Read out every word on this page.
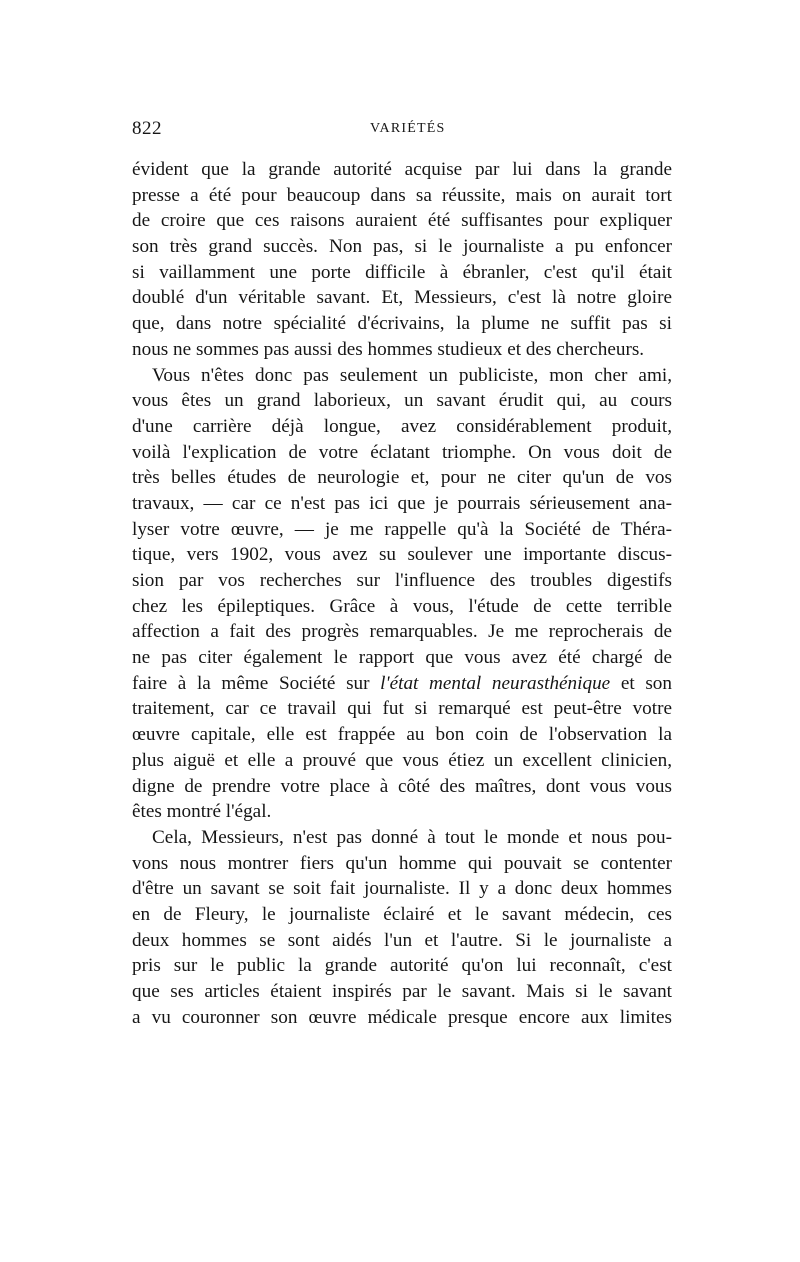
822	VARIÉTÉS
évident que la grande autorité acquise par lui dans la grande
presse a été pour beaucoup dans sa réussite, mais on aurait tort
de croire que ces raisons auraient été suffisantes pour expliquer
son très grand succès. Non pas, si le journaliste a pu enfoncer
si vaillamment une porte difficile à ébranler, c'est qu'il était
doublé d'un véritable savant. Et, Messieurs, c'est là notre gloire
que, dans notre spécialité d'écrivains, la plume ne suffit pas si
nous ne sommes pas aussi des hommes studieux et des chercheurs.
Vous n'êtes donc pas seulement un publiciste, mon cher ami,
vous êtes un grand laborieux, un savant érudit qui, au cours
d'une carrière déjà longue, avez considérablement produit,
voilà l'explication de votre éclatant triomphe. On vous doit de
très belles études de neurologie et, pour ne citer qu'un de vos
travaux, — car ce n'est pas ici que je pourrais sérieusement ana-
lyser votre œuvre, — je me rappelle qu'à la Société de Théra-
tique, vers 1902, vous avez su soulever une importante discus-
sion par vos recherches sur l'influence des troubles digestifs
chez les épileptiques. Grâce à vous, l'étude de cette terrible
affection a fait des progrès remarquables. Je me reprocherais de
ne pas citer également le rapport que vous avez été chargé de
faire à la même Société sur l'état mental neurasthénique et son
traitement, car ce travail qui fut si remarqué est peut-être votre
œuvre capitale, elle est frappée au bon coin de l'observation la
plus aiguë et elle a prouvé que vous étiez un excellent clinicien,
digne de prendre votre place à côté des maîtres, dont vous vous
êtes montré l'égal.
Cela, Messieurs, n'est pas donné à tout le monde et nous pou-
vons nous montrer fiers qu'un homme qui pouvait se contenter
d'être un savant se soit fait journaliste. Il y a donc deux hommes
en de Fleury, le journaliste éclairé et le savant médecin, ces
deux hommes se sont aidés l'un et l'autre. Si le journaliste a
pris sur le public la grande autorité qu'on lui reconnaît, c'est
que ses articles étaient inspirés par le savant. Mais si le savant
a vu couronner son œuvre médicale presque encore aux limites
